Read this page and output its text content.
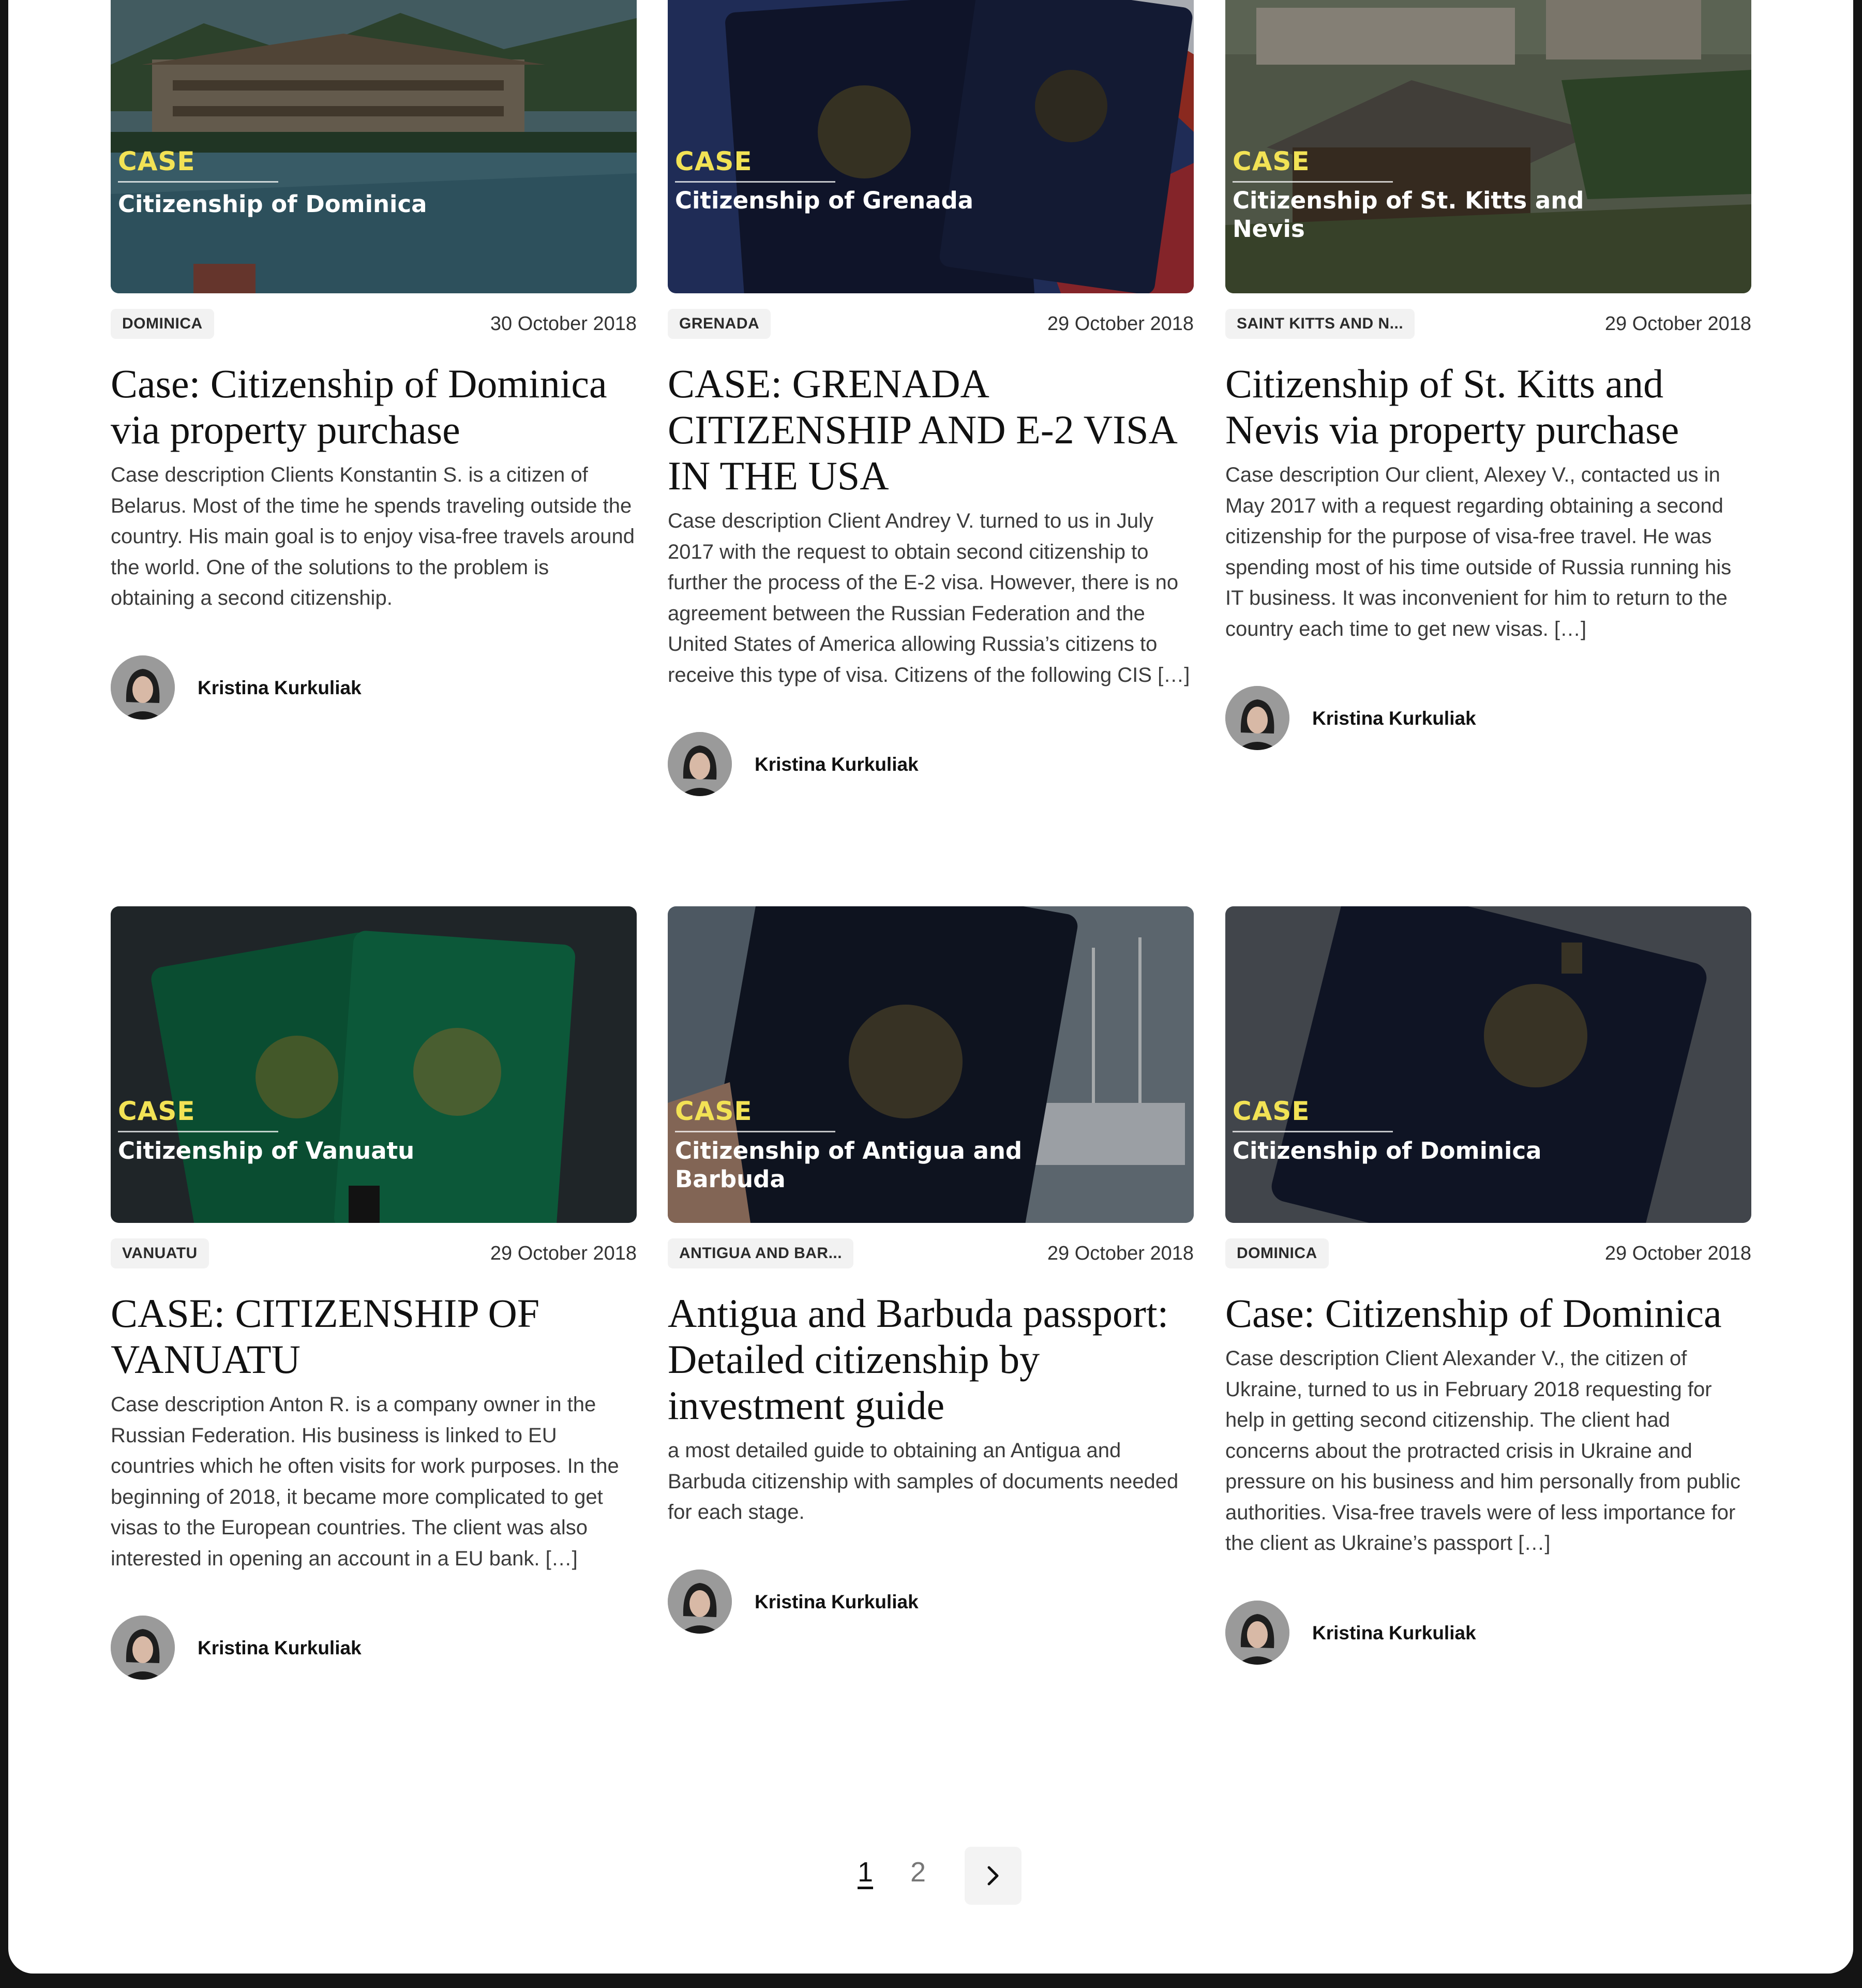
CASE
Citizenship of Dominica
DOMINICA	30 October 2018
Case: Citizenship of Dominica via property purchase

Case description Clients Konstantin S. is a citizen of Belarus. Most of the time he spends traveling outside the country. His main goal is to enjoy visa-free travels around the world. One of the solutions to the problem is obtaining a second citizenship.

Kristina Kurkuliak
CASE
Citizenship of Grenada
GRENADA	29 October 2018
CASE: GRENADA CITIZENSHIP AND E-2 VISA IN THE USA

Case description Client Andrey V. turned to us in July 2017 with the request to obtain second citizenship to further the process of the E-2 visa. However, there is no agreement between the Russian Federation and the United States of America allowing Russia’s citizens to receive this type of visa. Citizens of the following CIS […]

Kristina Kurkuliak
CASE
Citizenship of St. Kitts and Nevis
SAINT KITTS AND N...	29 October 2018
Citizenship of St. Kitts and Nevis via property purchase

Case description Our client, Alexey V., contacted us in May 2017 with a request regarding obtaining a second citizenship for the purpose of visa-free travel. He was spending most of his time outside of Russia running his IT business. It was inconvenient for him to return to the country each time to get new visas. […]

Kristina Kurkuliak
CASE
Citizenship of Vanuatu
VANUATU	29 October 2018
CASE: CITIZENSHIP OF VANUATU

Case description Anton R. is a company owner in the Russian Federation. His business is linked to EU countries which he often visits for work purposes. In the beginning of 2018, it became more complicated to get visas to the European countries. The client was also interested in opening an account in a EU bank. […]

Kristina Kurkuliak
CASE
Citizenship of Antigua and Barbuda
ANTIGUA AND BAR...	29 October 2018
Antigua and Barbuda passport: Detailed citizenship by investment guide

a most detailed guide to obtaining an Antigua and Barbuda citizenship with samples of documents needed for each stage.

Kristina Kurkuliak
CASE
Citizenship of Dominica
DOMINICA	29 October 2018
Case: Citizenship of Dominica

Case description Client Alexander V., the citizen of Ukraine, turned to us in February 2018 requesting for help in getting second citizenship. The client had concerns about the protracted crisis in Ukraine and pressure on his business and him personally from public authorities. Visa-free travels were of less importance for the client as Ukraine’s passport […]

Kristina Kurkuliak
1 2
